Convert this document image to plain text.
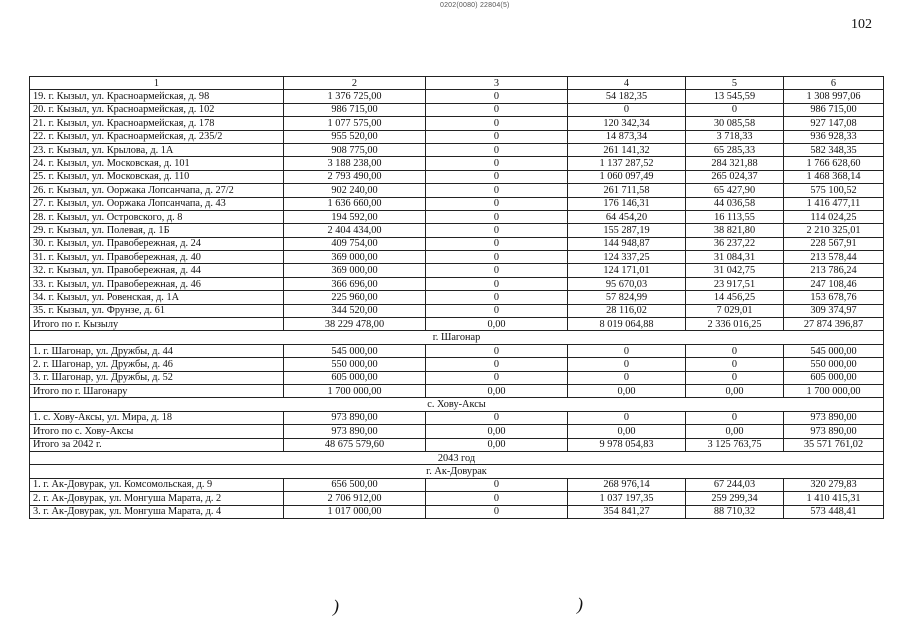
0202(0080) 22804(5)
102
1	2	3	4	5	6
19. г. Кызыл, ул. Красноармейская, д. 98	1 376 725,00	0	54 182,35	13 545,59	1 308 997,06
20. г. Кызыл, ул. Красноармейская, д. 102	986 715,00	0	0	0	986 715,00
21. г. Кызыл, ул. Красноармейская, д. 178	1 077 575,00	0	120 342,34	30 085,58	927 147,08
22. г. Кызыл, ул. Красноармейская, д. 235/2	955 520,00	0	14 873,34	3 718,33	936 928,33
23. г. Кызыл, ул. Крылова, д. 1А	908 775,00	0	261 141,32	65 285,33	582 348,35
24. г. Кызыл, ул. Московская, д. 101	3 188 238,00	0	1 137 287,52	284 321,88	1 766 628,60
25. г. Кызыл, ул. Московская, д. 110	2 793 490,00	0	1 060 097,49	265 024,37	1 468 368,14
26. г. Кызыл, ул. Ооржака Лопсанчапа, д. 27/2	902 240,00	0	261 711,58	65 427,90	575 100,52
27. г. Кызыл, ул. Ооржака Лопсанчапа, д. 43	1 636 660,00	0	176 146,31	44 036,58	1 416 477,11
28. г. Кызыл, ул. Островского, д. 8	194 592,00	0	64 454,20	16 113,55	114 024,25
29. г. Кызыл, ул. Полевая, д. 1Б	2 404 434,00	0	155 287,19	38 821,80	2 210 325,01
30. г. Кызыл, ул. Правобережная, д. 24	409 754,00	0	144 948,87	36 237,22	228 567,91
31. г. Кызыл, ул. Правобережная, д. 40	369 000,00	0	124 337,25	31 084,31	213 578,44
32. г. Кызыл, ул. Правобережная, д. 44	369 000,00	0	124 171,01	31 042,75	213 786,24
33. г. Кызыл, ул. Правобережная, д. 46	366 696,00	0	95 670,03	23 917,51	247 108,46
34. г. Кызыл, ул. Ровенская, д. 1А	225 960,00	0	57 824,99	14 456,25	153 678,76
35. г. Кызыл, ул. Фрунзе, д. 61	344 520,00	0	28 116,02	7 029,01	309 374,97
Итого по г. Кызылу	38 229 478,00	0,00	8 019 064,88	2 336 016,25	27 874 396,87
г. Шагонар					
1. г. Шагонар, ул. Дружбы, д. 44	545 000,00	0	0	0	545 000,00
2. г. Шагонар, ул. Дружбы, д. 46	550 000,00	0	0	0	550 000,00
3. г. Шагонар, ул. Дружбы, д. 52	605 000,00	0	0	0	605 000,00
Итого по г. Шагонару	1 700 000,00	0,00	0,00	0,00	1 700 000,00
с. Хову-Аксы					
1. с. Хову-Аксы, ул. Мира, д. 18	973 890,00	0	0	0	973 890,00
Итого по с. Хову-Аксы	973 890,00	0,00	0,00	0,00	973 890,00
Итого за 2042 г.	48 675 579,60	0,00	9 978 054,83	3 125 763,75	35 571 761,02
2043 год					
г. Ак-Довурак					
1. г. Ак-Довурак, ул. Комсомольская, д. 9	656 500,00	0	268 976,14	67 244,03	320 279,83
2. г. Ак-Довурак, ул. Монгуша Марата, д. 2	2 706 912,00	0	1 037 197,35	259 299,34	1 410 415,31
3. г. Ак-Довурак, ул. Монгуша Марата, д. 4	1 017 000,00	0	354 841,27	88 710,32	573 448,41
)	)
